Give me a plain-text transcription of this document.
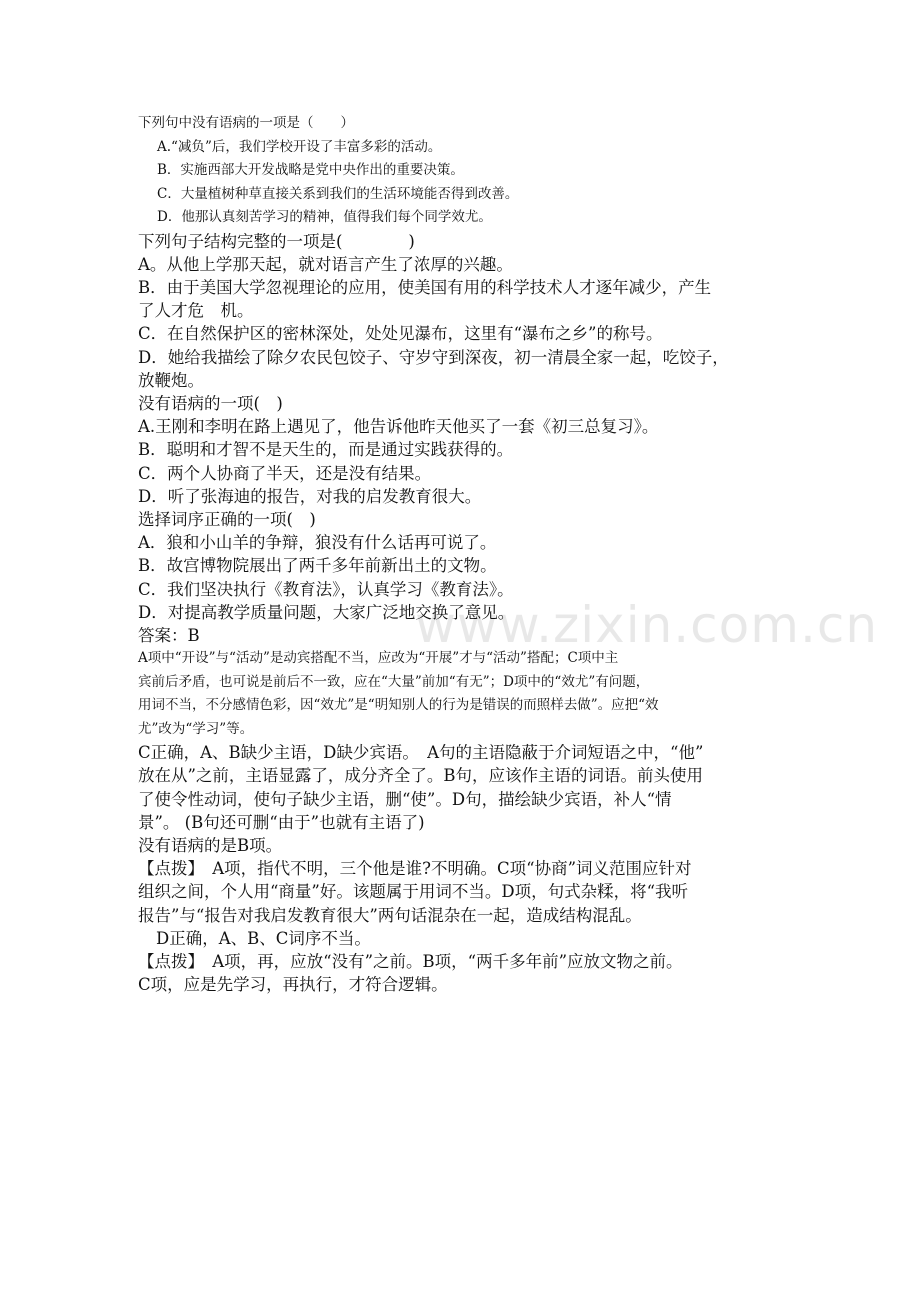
下列句中没有语病的一项是（　　）

A.“减负”后，我们学校开设了丰富多彩的活动。

B．实施西部大开发战略是党中央作出的重要决策。

C．大量植树种草直接关系到我们的生活环境能否得到改善。

D．他那认真刻苦学习的精神，值得我们每个同学效尤。

下列句子结构完整的一项是(　　　　)

A。从他上学那天起，就对语言产生了浓厚的兴趣。

B．由于美国大学忽视理论的应用，使美国有用的科学技术人才逐年减少，产生

了人才危　机。

C．在自然保护区的密林深处，处处见瀑布，这里有“瀑布之乡”的称号。

D．她给我描绘了除夕农民包饺子、守岁守到深夜，初一清晨全家一起，吃饺子，

放鞭炮。

没有语病的一项(　)

A.王刚和李明在路上遇见了，他告诉他昨天他买了一套《初三总复习》。

B．聪明和才智不是天生的，而是通过实践获得的。

C．两个人协商了半天，还是没有结果。

D．听了张海迪的报告，对我的启发教育很大。

选择词序正确的一项(　)

A．狼和小山羊的争辩，狼没有什么话再可说了。

B．故宫博物院展出了两千多年前新出土的文物。

C．我们坚决执行《教育法》，认真学习《教育法》。

D．对提高教学质量问题，大家广泛地交换了意见。

答案：B

A项中“开设”与“活动”是动宾搭配不当，应改为“开展”才与“活动”搭配；C项中主

宾前后矛盾，也可说是前后不一致，应在“大量”前加“有无”；D项中的“效尤”有问题，

用词不当，不分感情色彩，因“效尤”是“明知别人的行为是错误的而照样去做”。应把“效

尤”改为“学习”等。

C正确，A、B缺少主语，D缺少宾语。　A句的主语隐蔽于介词短语之中，“他”

放在从”之前，主语显露了，成分齐全了。B句，应该作主语的词语。前头使用

了使令性动词，使句子缺少主语，删“使”。D句，描绘缺少宾语，补人“情

景”。 (B句还可删“由于”也就有主语了)

没有语病的是B项。

【点拨】　A项，指代不明，三个他是谁?不明确。C项“协商”词义范围应针对

组织之间，个人用“商量”好。该题属于用词不当。D项，句式杂糅，将“我听

报告”与“报告对我启发教育很大”两句话混杂在一起，造成结构混乱。

D正确，A、B、C词序不当。

【点拨】　A项，再，应放“没有”之前。B项，“两千多年前”应放文物之前。

C项，应是先学习，再执行，才符合逻辑。

www.zixin.com.cn
